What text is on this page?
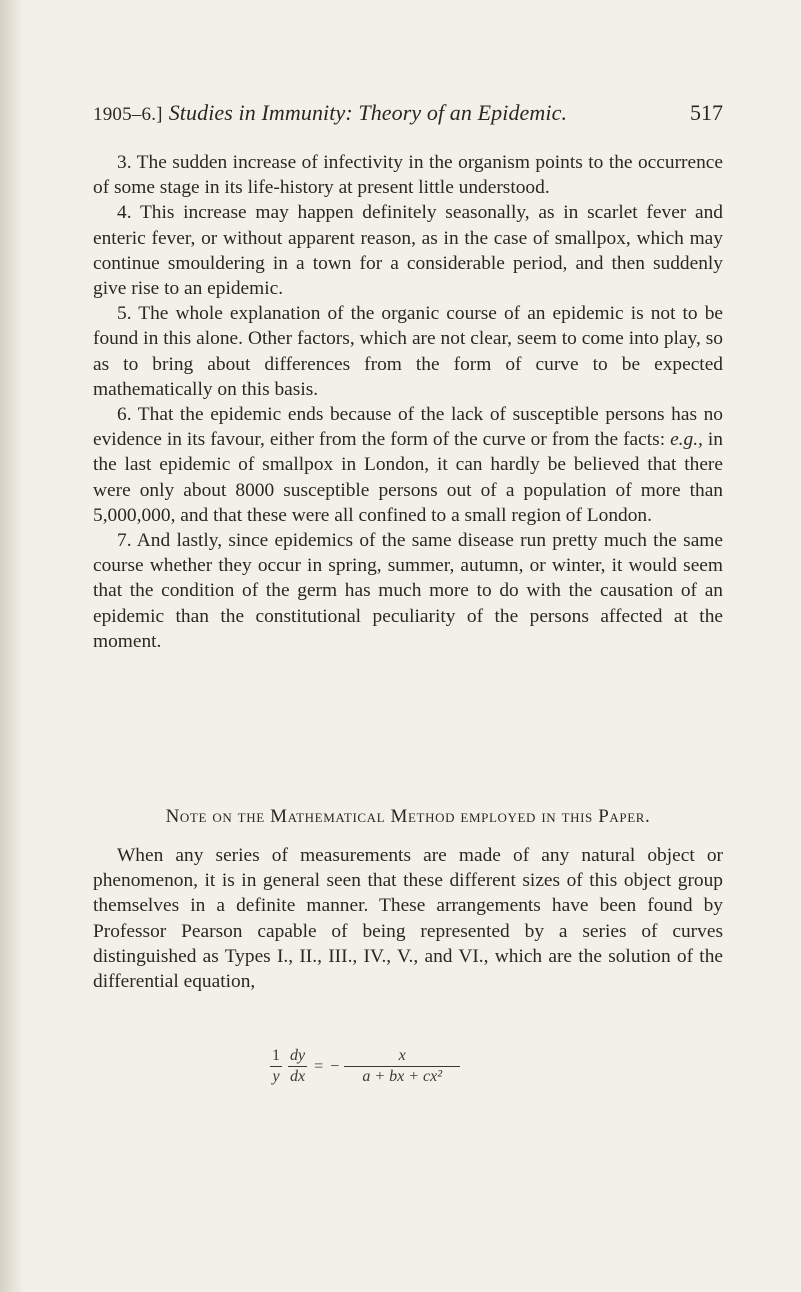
1905–6.] Studies in Immunity: Theory of an Epidemic.	517

3. The sudden increase of infectivity in the organism points to the occurrence of some stage in its life-history at present little understood.

4. This increase may happen definitely seasonally, as in scarlet fever and enteric fever, or without apparent reason, as in the case of smallpox, which may continue smouldering in a town for a considerable period, and then suddenly give rise to an epidemic.

5. The whole explanation of the organic course of an epidemic is not to be found in this alone. Other factors, which are not clear, seem to come into play, so as to bring about differences from the form of curve to be expected mathematically on this basis.

6. That the epidemic ends because of the lack of susceptible persons has no evidence in its favour, either from the form of the curve or from the facts: e.g., in the last epidemic of smallpox in London, it can hardly be believed that there were only about 8000 susceptible persons out of a population of more than 5,000,000, and that these were all confined to a small region of London.

7. And lastly, since epidemics of the same disease run pretty much the same course whether they occur in spring, summer, autumn, or winter, it would seem that the condition of the germ has much more to do with the causation of an epidemic than the constitutional peculiarity of the persons affected at the moment.

Note on the Mathematical Method employed in this Paper.

When any series of measurements are made of any natural object or phenomenon, it is in general seen that these different sizes of this object group themselves in a definite manner. These arrangements have been found by Professor Pearson capable of being represented by a series of curves distinguished as Types I., II., III., IV., V., and VI., which are the solution of the differential equation,

$\frac{1}{y} \frac{dy}{dx}$ = − $\frac{x}{\text{a + bx + cx²}}$
